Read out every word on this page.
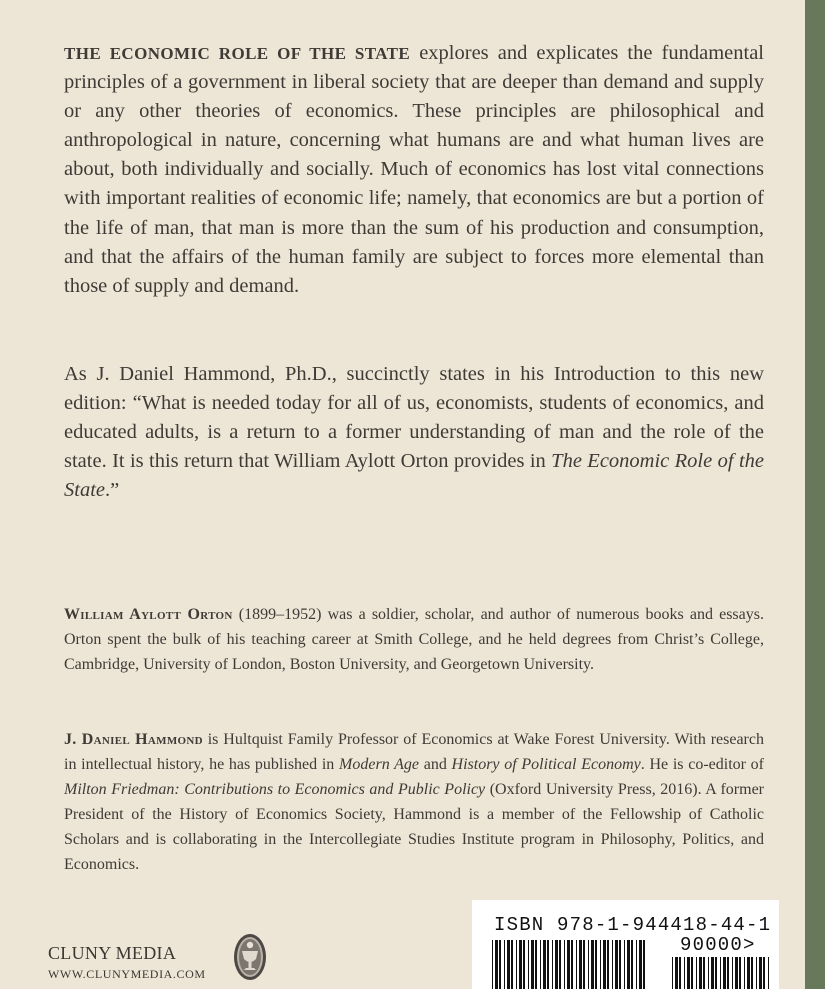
THE ECONOMIC ROLE OF THE STATE explores and explicates the fundamental principles of a government in liberal society that are deeper than demand and supply or any other theories of economics. These principles are philosophical and anthropological in nature, concerning what humans are and what human lives are about, both individually and socially. Much of economics has lost vital connections with important realities of economic life; namely, that economics are but a portion of the life of man, that man is more than the sum of his production and consumption, and that the affairs of the human family are subject to forces more elemental than those of supply and demand.

As J. Daniel Hammond, Ph.D., succinctly states in his Introduction to this new edition: “What is needed today for all of us, economists, students of economics, and educated adults, is a return to a former understanding of man and the role of the state. It is this return that William Aylott Orton provides in The Economic Role of the State.”

William Aylott Orton (1899–1952) was a soldier, scholar, and author of numerous books and essays. Orton spent the bulk of his teaching career at Smith College, and he held degrees from Christ’s College, Cambridge, University of London, Boston University, and Georgetown University.

J. Daniel Hammond is Hultquist Family Professor of Economics at Wake Forest University. With research in intellectual history, he has published in Modern Age and History of Political Economy. He is co-editor of Milton Friedman: Contributions to Economics and Public Policy (Oxford University Press, 2016). A former President of the History of Economics Society, Hammond is a member of the Fellowship of Catholic Scholars and is collaborating in the Intercollegiate Studies Institute program in Philosophy, Politics, and Economics.

CLUNY MEDIA
WWW.CLUNYMEDIA.COM
ISBN 978-1-944418-44-1
90000>
